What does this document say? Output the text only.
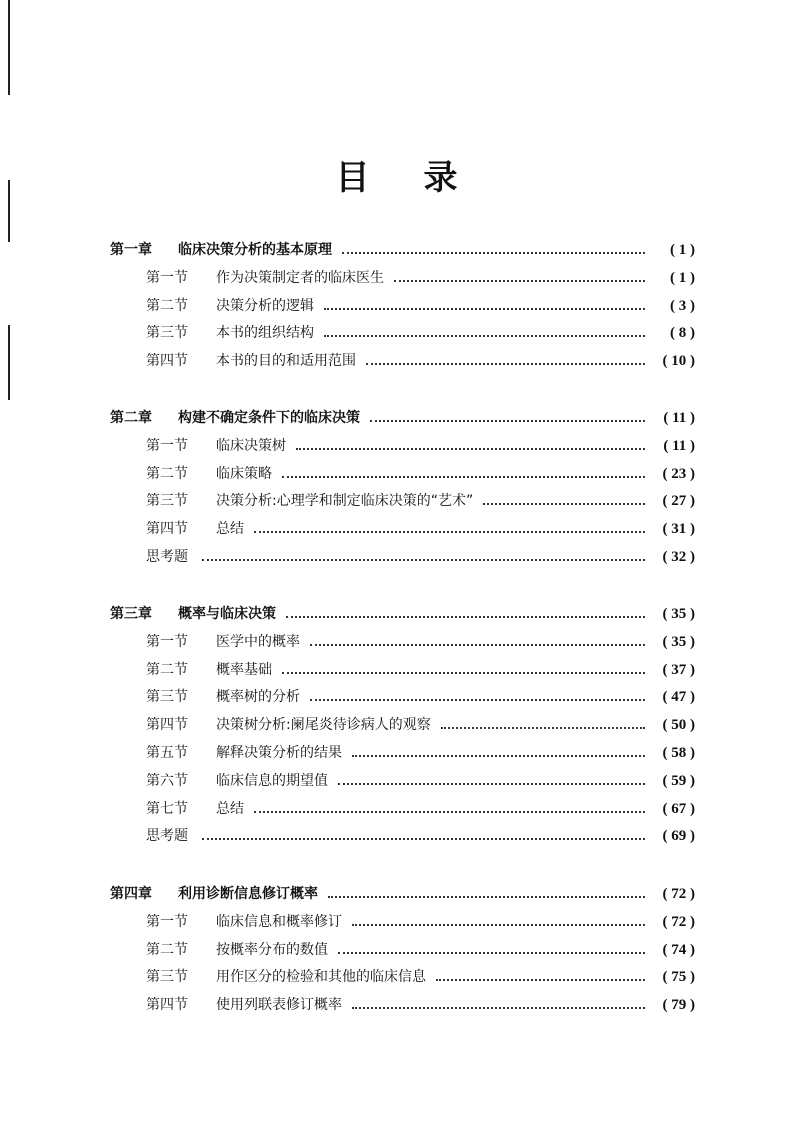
目 录
第一章	临床决策分析的基本原理	( 1 )
第一节	作为决策制定者的临床医生	( 1 )
第二节	决策分析的逻辑	( 3 )
第三节	本书的组织结构	( 8 )
第四节	本书的目的和适用范围	( 10 )
第二章	构建不确定条件下的临床决策	( 11 )
第一节	临床决策树	( 11 )
第二节	临床策略	( 23 )
第三节	决策分析:心理学和制定临床决策的“艺术”	( 27 )
第四节	总结	( 31 )
思考题	( 32 )
第三章	概率与临床决策	( 35 )
第一节	医学中的概率	( 35 )
第二节	概率基础	( 37 )
第三节	概率树的分析	( 47 )
第四节	决策树分析:阑尾炎待诊病人的观察	( 50 )
第五节	解释决策分析的结果	( 58 )
第六节	临床信息的期望值	( 59 )
第七节	总结	( 67 )
思考题	( 69 )
第四章	利用诊断信息修订概率	( 72 )
第一节	临床信息和概率修订	( 72 )
第二节	按概率分布的数值	( 74 )
第三节	用作区分的检验和其他的临床信息	( 75 )
第四节	使用列联表修订概率	( 79 )
